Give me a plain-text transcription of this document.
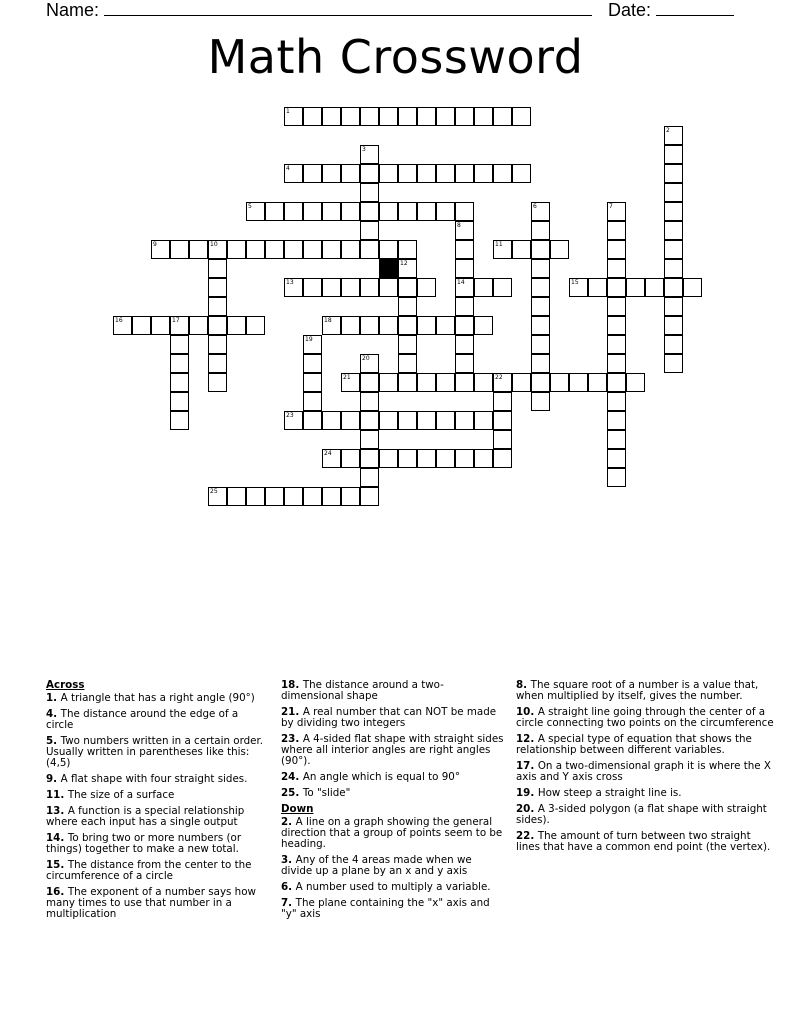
Name:	Date:
Math Crossword
1
2
3
4
5	6	7
8
9	10	11
12
13	14	15
16	17	18
19
20
21	22
23
24
25
Across
1. A triangle that has a right angle (90°)
4. The distance around the edge of a circle
5. Two numbers written in a certain order. Usually written in parentheses like this: (4,5)
9. A flat shape with four straight sides.
11. The size of a surface
13. A function is a special relationship where each input has a single output
14. To bring two or more numbers (or things) together to make a new total.
15. The distance from the center to the circumference of a circle
16. The exponent of a number says how many times to use that number in a multiplication
18. The distance around a two-dimensional shape
21. A real number that can NOT be made by dividing two integers
23. A 4-sided flat shape with straight sides where all interior angles are right angles (90°).
24. An angle which is equal to 90°
25. To "slide"
Down
2. A line on a graph showing the general direction that a group of points seem to be heading.
3. Any of the 4 areas made when we divide up a plane by an x and y axis
6. A number used to multiply a variable.
7. The plane containing the "x" axis and "y" axis
8. The square root of a number is a value that, when multiplied by itself, gives the number.
10. A straight line going through the center of a circle connecting two points on the circumference
12. A special type of equation that shows the relationship between different variables.
17. On a two-dimensional graph it is where the X axis and Y axis cross
19. How steep a straight line is.
20. A 3-sided polygon (a flat shape with straight sides).
22. The amount of turn between two straight lines that have a common end point (the vertex).
